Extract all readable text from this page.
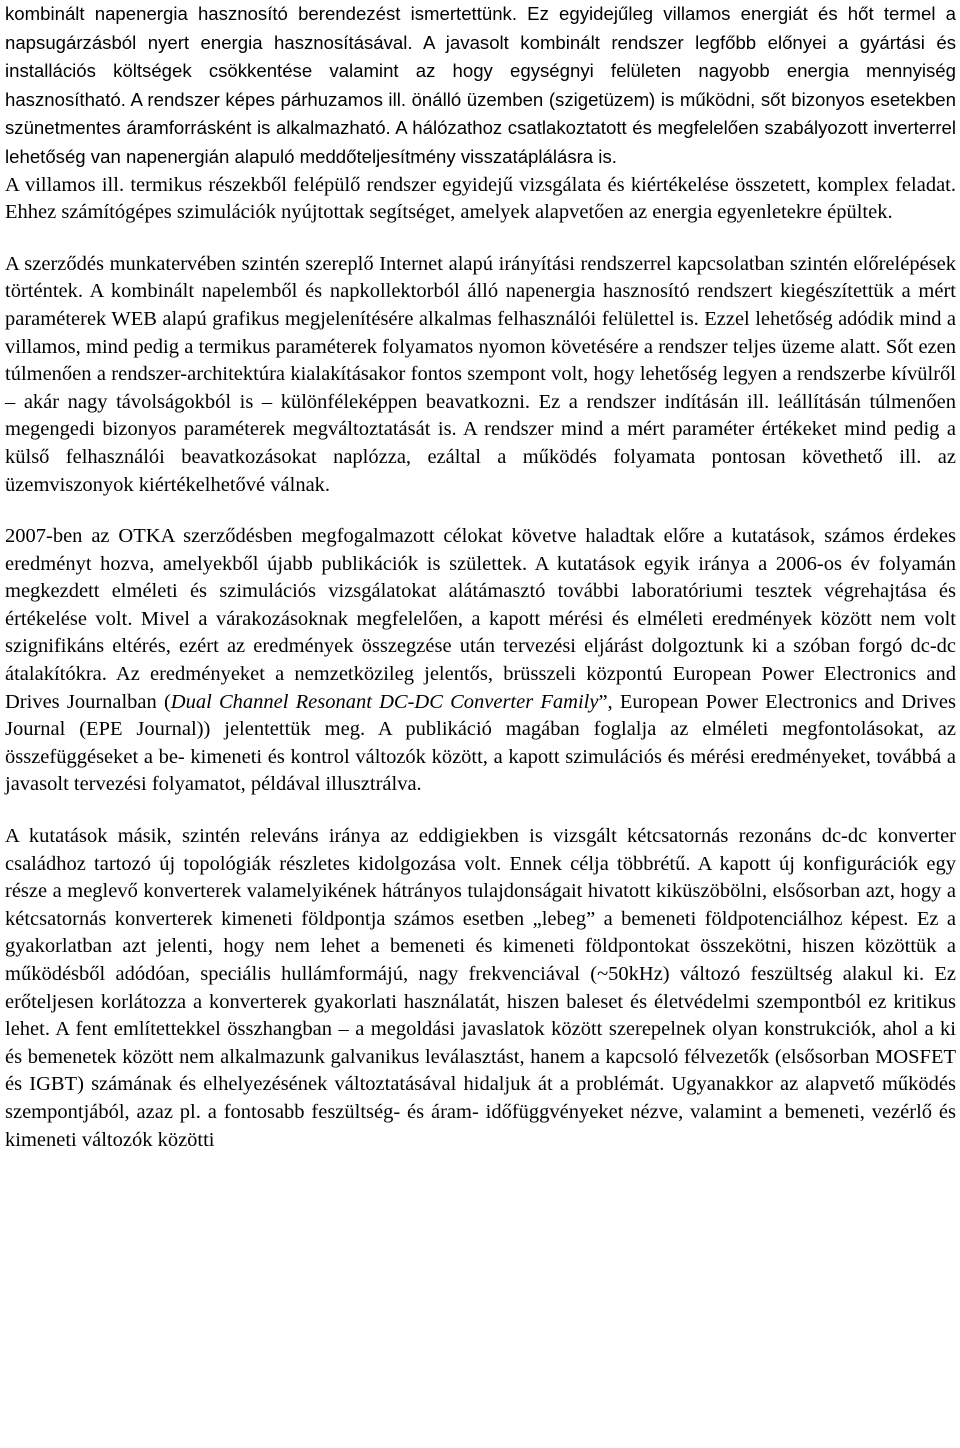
kombinált napenergia hasznosító berendezést ismertettünk. Ez egyidejűleg villamos energiát és hőt termel a napsugárzásból nyert energia hasznosításával. A javasolt kombinált rendszer legfőbb előnyei a gyártási és installációs költségek csökkentése valamint az hogy egységnyi felületen nagyobb energia mennyiség hasznosítható. A rendszer képes párhuzamos ill. önálló üzemben (szigetüzem) is működni, sőt bizonyos esetekben szünetmentes áramforrásként is alkalmazható. A hálózathoz csatlakoztatott és megfelelően szabályozott inverterrel lehetőség van napenergián alapuló meddőteljesítmény visszatáplálásra is.
A villamos ill. termikus részekből felépülő rendszer egyidejű vizsgálata és kiértékelése összetett, komplex feladat. Ehhez számítógépes szimulációk nyújtottak segítséget, amelyek alapvetően az energia egyenletekre épültek.

A szerződés munkatervében szintén szereplő Internet alapú irányítási rendszerrel kapcsolatban szintén előrelépések történtek. A kombinált napelemből és napkollektorból álló napenergia hasznosító rendszert kiegészítettük a mért paraméterek WEB alapú grafikus megjelenítésére alkalmas felhasználói felülettel is. Ezzel lehetőség adódik mind a villamos, mind pedig a termikus paraméterek folyamatos nyomon követésére a rendszer teljes üzeme alatt. Sőt ezen túlmenően a rendszer-architektúra kialakításakor fontos szempont volt, hogy lehetőség legyen a rendszerbe kívülről – akár nagy távolságokból is – különféleképpen beavatkozni. Ez a rendszer indításán ill. leállításán túlmenően megengedi bizonyos paraméterek megváltoztatását is. A rendszer mind a mért paraméter értékeket mind pedig a külső felhasználói beavatkozásokat naplózza, ezáltal a működés folyamata pontosan követhető ill. az üzemviszonyok kiértékelhetővé válnak.

2007-ben az OTKA szerződésben megfogalmazott célokat követve haladtak előre a kutatások, számos érdekes eredményt hozva, amelyekből újabb publikációk is születtek. A kutatások egyik iránya a 2006-os év folyamán megkezdett elméleti és szimulációs vizsgálatokat alátámasztó további laboratóriumi tesztek végrehajtása és értékelése volt. Mivel a várakozásoknak megfelelően, a kapott mérési és elméleti eredmények között nem volt szignifikáns eltérés, ezért az eredmények összegzése után tervezési eljárást dolgoztunk ki a szóban forgó dc-dc átalakítókra. Az eredményeket a nemzetközileg jelentős, brüsszeli központú European Power Electronics and Drives Journalban (Dual Channel Resonant DC-DC Converter Family”, European Power Electronics and Drives Journal (EPE Journal)) jelentettük meg. A publikáció magában foglalja az elméleti megfontolásokat, az összefüggéseket a be- kimeneti és kontrol változók között, a kapott szimulációs és mérési eredményeket, továbbá a javasolt tervezési folyamatot, példával illusztrálva.

A kutatások másik, szintén releváns iránya az eddigiekben is vizsgált kétcsatornás rezonáns dc-dc konverter családhoz tartozó új topológiák részletes kidolgozása volt. Ennek célja többrétű. A kapott új konfigurációk egy része a meglevő konverterek valamelyikének hátrányos tulajdonságait hivatott kiküszöbölni, elsősorban azt, hogy a kétcsatornás konverterek kimeneti földpontja számos esetben „lebeg” a bemeneti földpotenciálhoz képest. Ez a gyakorlatban azt jelenti, hogy nem lehet a bemeneti és kimeneti földpontokat összekötni, hiszen közöttük a működésből adódóan, speciális hullámformájú, nagy frekvenciával (~50kHz) változó feszültség alakul ki. Ez erőteljesen korlátozza a konverterek gyakorlati használatát, hiszen baleset és életvédelmi szempontból ez kritikus lehet. A fent említettekkel összhangban – a megoldási javaslatok között szerepelnek olyan konstrukciók, ahol a ki és bemenetek között nem alkalmazunk galvanikus leválasztást, hanem a kapcsoló félvezetők (elsősorban MOSFET és IGBT) számának és elhelyezésének változtatásával hidaljuk át a problémát. Ugyanakkor az alapvető működés szempontjából, azaz pl. a fontosabb feszültség- és áram- időfüggvényeket nézve, valamint a bemeneti, vezérlő és kimeneti változók közötti
